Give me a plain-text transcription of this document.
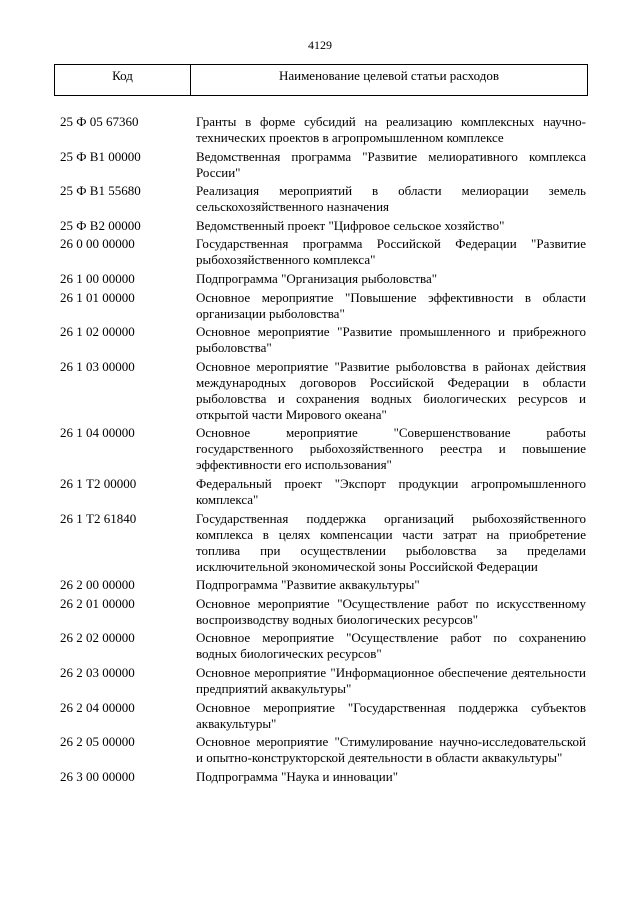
4129
Код	Наименование целевой статьи расходов
25 Ф 05 67360	Гранты в форме субсидий на реализацию комплексных научно-технических проектов в агропромышленном комплексе
25 Ф В1 00000	Ведомственная программа "Развитие мелиоративного комплекса России"
25 Ф В1 55680	Реализация мероприятий в области мелиорации земель сельскохозяйственного назначения
25 Ф В2 00000	Ведомственный проект "Цифровое сельское хозяйство"
26 0 00 00000	Государственная программа Российской Федерации "Развитие рыбохозяйственного комплекса"
26 1 00 00000	Подпрограмма "Организация рыболовства"
26 1 01 00000	Основное мероприятие "Повышение эффективности в области организации рыболовства"
26 1 02 00000	Основное мероприятие "Развитие промышленного и прибрежного рыболовства"
26 1 03 00000	Основное мероприятие "Развитие рыболовства в районах действия международных договоров Российской Федерации в области рыболовства и сохранения водных биологических ресурсов и открытой части Мирового океана"
26 1 04 00000	Основное мероприятие "Совершенствование работы государственного рыбохозяйственного реестра и повышение эффективности его использования"
26 1 Т2 00000	Федеральный проект "Экспорт продукции агропромышленного комплекса"
26 1 Т2 61840	Государственная поддержка организаций рыбохозяйственного комплекса в целях компенсации части затрат на приобретение топлива при осуществлении рыболовства за пределами исключительной экономической зоны Российской Федерации
26 2 00 00000	Подпрограмма "Развитие аквакультуры"
26 2 01 00000	Основное мероприятие "Осуществление работ по искусственному воспроизводству водных биологических ресурсов"
26 2 02 00000	Основное мероприятие "Осуществление работ по сохранению водных биологических ресурсов"
26 2 03 00000	Основное мероприятие "Информационное обеспечение деятельности предприятий аквакультуры"
26 2 04 00000	Основное мероприятие "Государственная поддержка субъектов аквакультуры"
26 2 05 00000	Основное мероприятие "Стимулирование научно-исследовательской и опытно-конструкторской деятельности в области аквакультуры"
26 3 00 00000	Подпрограмма "Наука и инновации"
